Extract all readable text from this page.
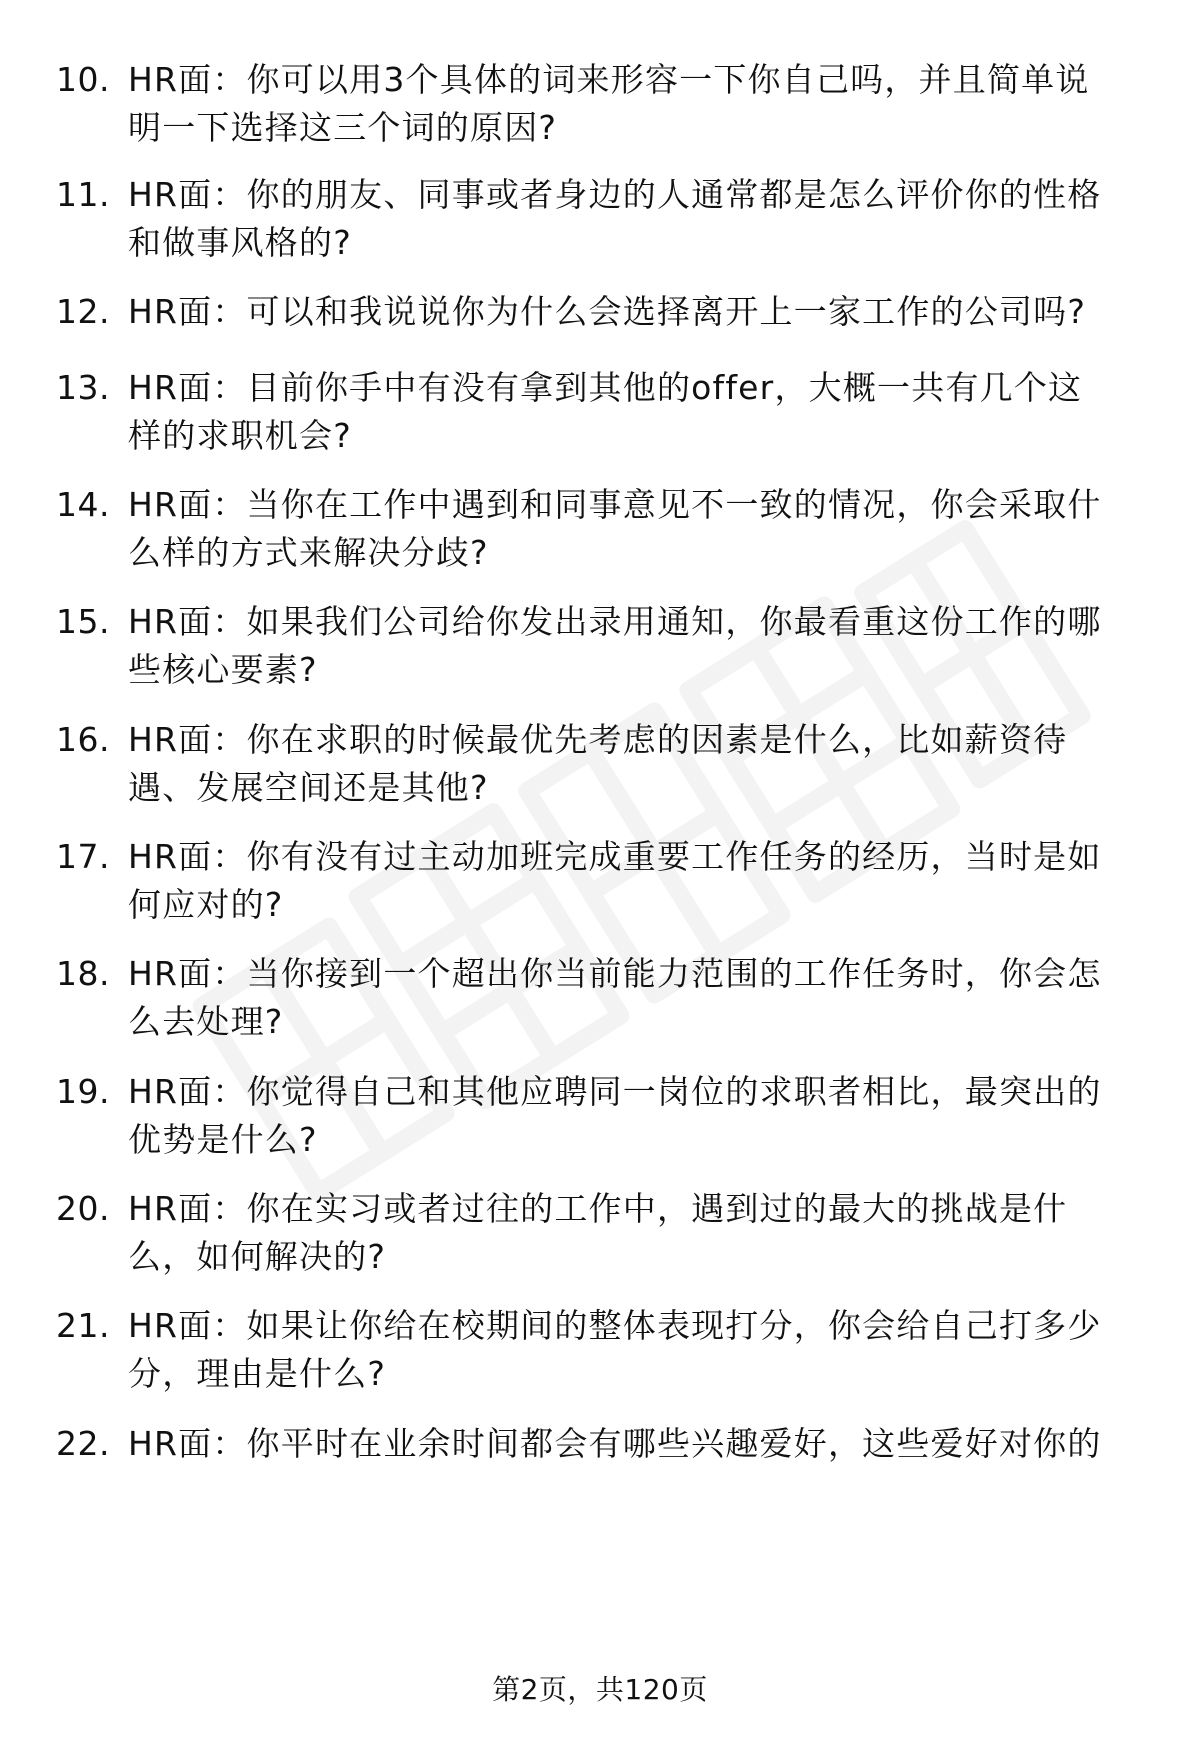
10. HR面：你可以用3个具体的词来形容一下你自己吗，并且简单说
明一下选择这三个词的原因?
11. HR面：你的朋友、同事或者身边的人通常都是怎么评价你的性格
和做事风格的?
12. HR面：可以和我说说你为什么会选择离开上一家工作的公司吗?
13. HR面：目前你手中有没有拿到其他的offer，大概一共有几个这
样的求职机会?
14. HR面：当你在工作中遇到和同事意见不一致的情况，你会采取什
么样的方式来解决分歧?
15. HR面：如果我们公司给你发出录用通知，你最看重这份工作的哪
些核心要素?
16. HR面：你在求职的时候最优先考虑的因素是什么，比如薪资待
遇、发展空间还是其他?
17. HR面：你有没有过主动加班完成重要工作任务的经历，当时是如
何应对的?
18. HR面：当你接到一个超出你当前能力范围的工作任务时，你会怎
么去处理?
19. HR面：你觉得自己和其他应聘同一岗位的求职者相比，最突出的
优势是什么?
20. HR面：你在实习或者过往的工作中，遇到过的最大的挑战是什
么，如何解决的?
21. HR面：如果让你给在校期间的整体表现打分，你会给自己打多少
分，理由是什么?
22. HR面：你平时在业余时间都会有哪些兴趣爱好，这些爱好对你的
第2页，共120页
